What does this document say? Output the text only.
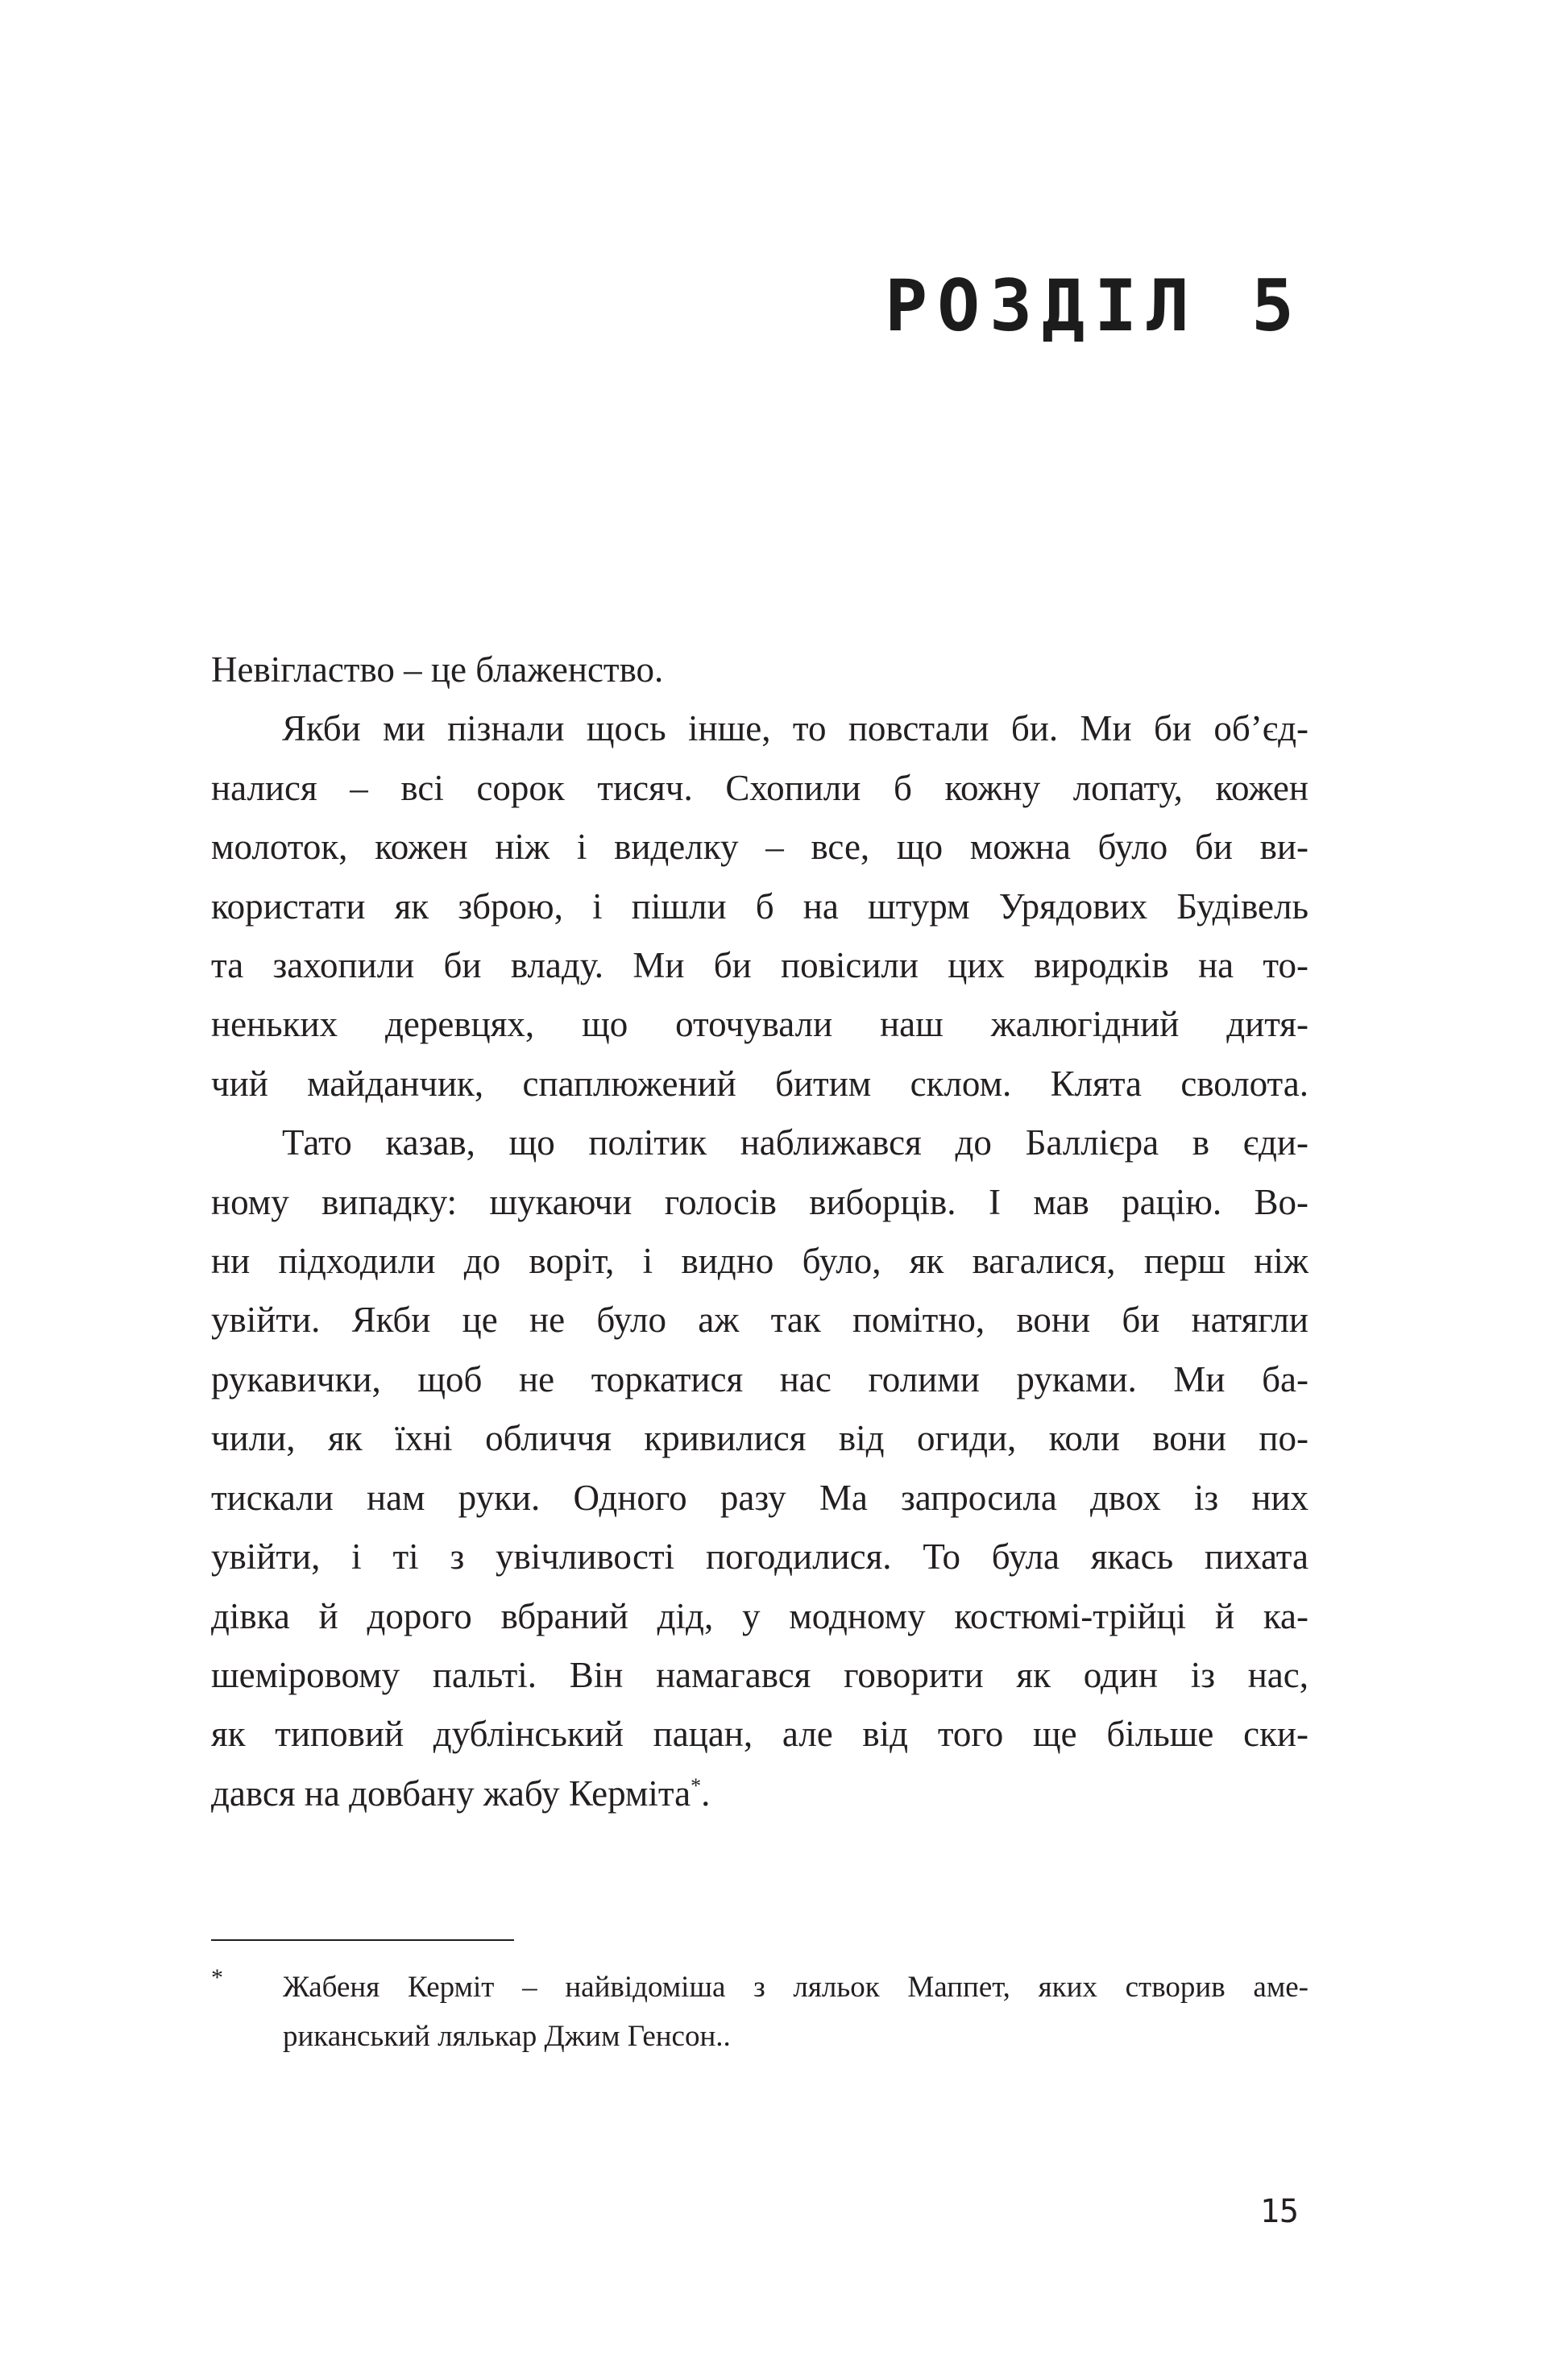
РОЗДІЛ 5
Невігластво – це блаженство.
Якби ми пізнали щось інше, то повстали би. Ми би об’єд-
налися – всі сорок тисяч. Схопили б кожну лопату, кожен
молоток, кожен ніж і виделку – все, що можна було би ви-
користати як зброю, і пішли б на штурм Урядових Будівель
та захопили би владу. Ми би повісили цих виродків на то-
неньких деревцях, що оточували наш жалюгідний дитя-
чий майданчик, спаплюжений битим склом. Клята сволота.
Тато казав, що політик наближався до Баллієра в єди-
ному випадку: шукаючи голосів виборців. І мав рацію. Во-
ни підходили до воріт, і видно було, як вагалися, перш ніж
увійти. Якби це не було аж так помітно, вони би натягли
рукавички, щоб не торкатися нас голими руками. Ми ба-
чили, як їхні обличчя кривилися від огиди, коли вони по-
тискали нам руки. Одного разу Ма запросила двох із них
увійти, і ті з увічливості погодилися. То була якась пихата
дівка й дорого вбраний дід, у модному костюмі-трійці й ка-
шеміровому пальті. Він намагався говорити як один із нас,
як типовий дублінський пацан, але від того ще більше ски-
дався на довбану жабу Керміта*.
* Жабеня Керміт – найвідоміша з ляльок Маппет, яких створив аме-
риканський лялькар Джим Генсон..
15
